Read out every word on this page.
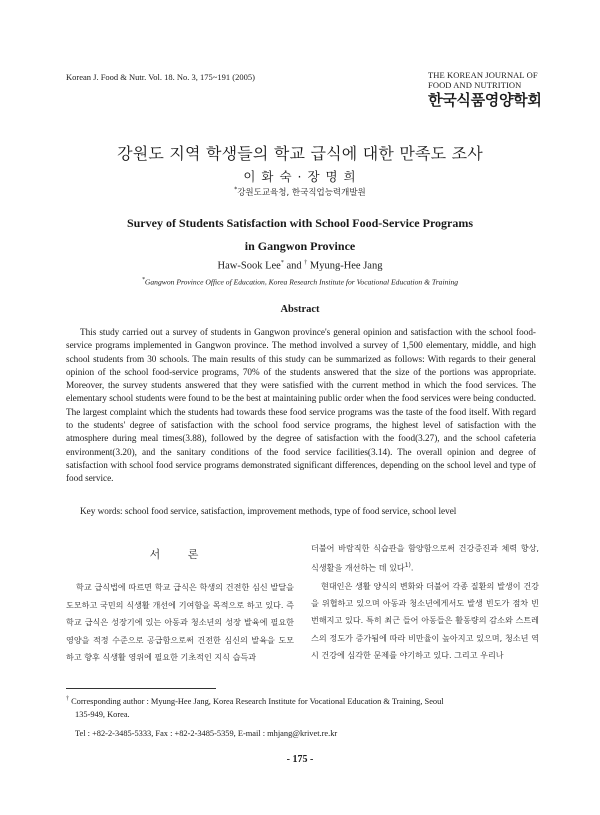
Korean J. Food & Nutr. Vol. 18. No. 3, 175~191 (2005)	THE KOREAN JOURNAL OF
FOOD AND NUTRITION
한국식품영양학회
강원도 지역 학생들의 학교 급식에 대한 만족도 조사
이 화 숙 · 장 명 희
*강원도교육청, 한국직업능력개발원
Survey of Students Satisfaction with School Food-Service Programs
in Gangwon Province
Haw-Sook Lee* and † Myung-Hee Jang
*Gangwon Province Office of Education, Korea Research Institute for Vocational Education & Training
Abstract

This study carried out a survey of students in Gangwon province's general opinion and satisfaction with the school food-service programs implemented in Gangwon province. The method involved a survey of 1,500 elementary, middle, and high school students from 30 schools. The main results of this study can be summarized as follows: With regards to their general opinion of the school food-service programs, 70% of the students answered that the size of the portions was appropriate. Moreover, the survey students answered that they were satisfied with the current method in which the food services. The elementary school students were found to be the best at maintaining public order when the food services were being conducted. The largest complaint which the students had towards these food service programs was the taste of the food itself. With regard to the students' degree of satisfaction with the school food service programs, the highest level of satisfaction with the atmosphere during meal times(3.88), followed by the degree of satisfaction with the food(3.27), and the school cafeteria environment(3.20), and the sanitary conditions of the food service facilities(3.14). The overall opinion and degree of satisfaction with school food service programs demonstrated significant differences, depending on the school level and type of food service.

Key words: school food service, satisfaction, improvement methods, type of food service, school level
서 론

학교 급식법에 따르면 학교 급식은 학생의 건전한 심신 발달을 도모하고 국민의 식생활 개선에 기여함을 목적으로 하고 있다. 즉 학교 급식은 성장기에 있는 아동과 청소년의 성장 발육에 필요한 영양을 적정 수준으로 공급함으로써 건전한 심신의 발육을 도모하고 향후 식생활 영위에 필요한 기초적인 지식 습득과

더불어 바람직한 식습관을 함양함으로써 건강증진과 체력 향상, 식생활을 개선하는 데 있다$^{1)}$.

현대인은 생활 양식의 변화와 더불어 각종 질환의 발생이 건강을 위협하고 있으며 아동과 청소년에게서도 발생 빈도가 점차 빈번해지고 있다. 특히 최근 들어 아동들은 활동량의 감소와 스트레스의 정도가 증가됨에 따라 비만율이 높아지고 있으며, 청소년 역시 건강에 심각한 문제를 야기하고 있다. 그리고 우리나

† Corresponding author : Myung-Hee Jang, Korea Research Institute for Vocational Education & Training, Seoul
135-949, Korea.
Tel : +82-2-3485-5333, Fax : +82-2-3485-5359, E-mail : mhjang@krivet.re.kr
- 175 -
